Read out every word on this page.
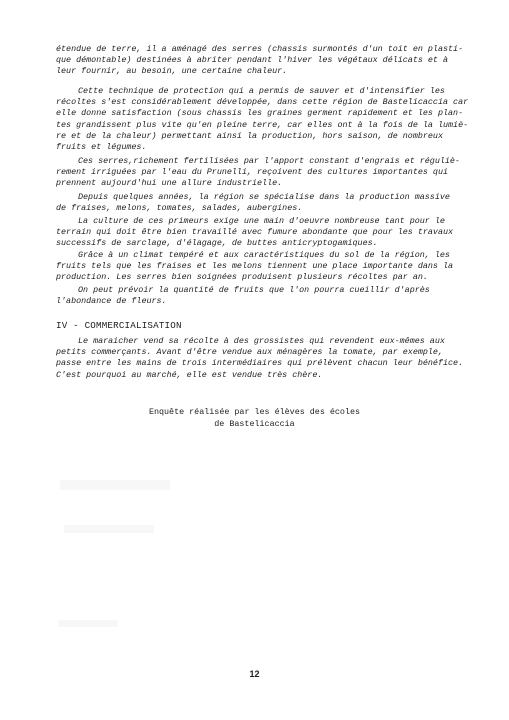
étendue de terre, il a aménagé des serres (chassis surmontés d'un toit en plasti-
que démontable) destinées à abriter pendant l'hiver les végétaux délicats et à
leur fournir, au besoin, une certaine chaleur.

Cette technique de protection qui a permis de sauver et d'intensifier les
récoltes s'est considérablement développée, dans cette région de Bastelicaccia car
elle donne satisfaction (sous chassis les graines germent rapidement et les plan-
tes grandissent plus vite qu'en pleine terre, car elles ont à la fois de la lumiè-
re et de la chaleur) permettant ainsi la production, hors saison, de nombreux
fruits et légumes.

Ces serres,richement fertilisées par l'apport constant d'engrais et réguliè-
rement irriguées par l'eau du Prunelli, reçoivent des cultures importantes qui
prennent aujourd'hui une allure industrielle.

Depuis quelques années, la région se spécialise dans la production massive
de fraises, melons, tomates, salades, aubergines.

La culture de ces primeurs exige une main d'oeuvre nombreuse tant pour le
terrain qui doit être bien travaillé avec fumure abondante que pour les travaux
successifs de sarclage, d'élagage, de buttes anticryptogamiques.

Grâce à un climat tempéré et aux caractéristiques du sol de la région, les
fruits tels que les fraises et les melons tiennent une place importante dans la
production. Les serres bien soignées produisent plusieurs récoltes par an.

On peut prévoir la quantité de fruits que l'on pourra cueillir d'après
l'abondance de fleurs.

IV - COMMERCIALISATION

Le maraicher vend sa récolte à des grossistes qui revendent eux-mêmes aux
petits commerçants. Avant d'être vendue aux ménagères la tomate, par exemple,
passe entre les mains de trois intermédiaires qui prélèvent chacun leur bénéfice.
C'est pourquoi au marché, elle est vendue très chère.

Enquête réalisée par les élèves des écoles
de Bastelicaccia
12
